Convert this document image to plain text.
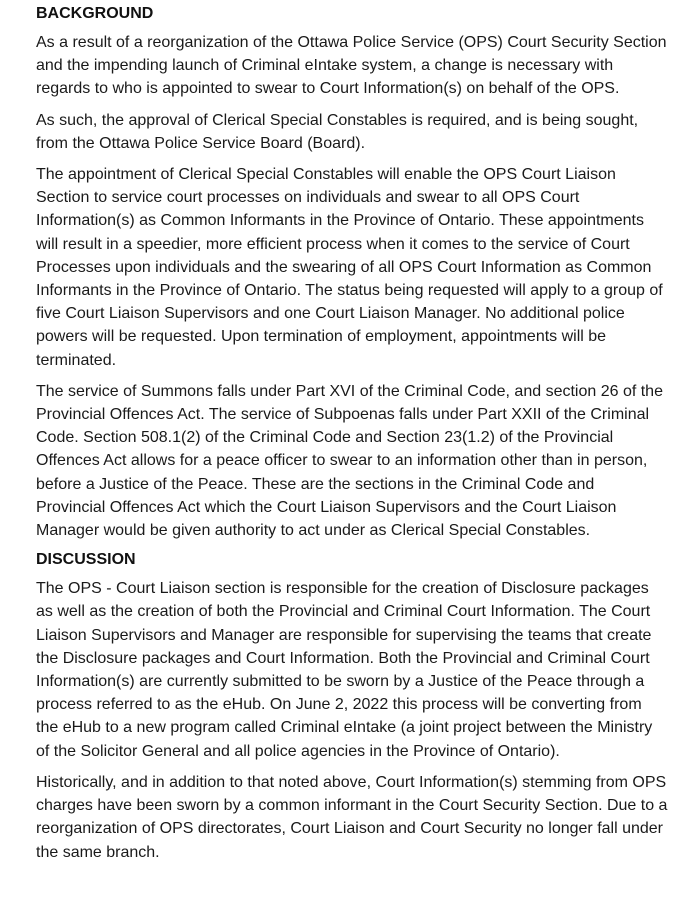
BACKGROUND

As a result of a reorganization of the Ottawa Police Service (OPS) Court Security Section and the impending launch of Criminal eIntake system, a change is necessary with regards to who is appointed to swear to Court Information(s) on behalf of the OPS.

As such, the approval of Clerical Special Constables is required, and is being sought, from the Ottawa Police Service Board (Board).

The appointment of Clerical Special Constables will enable the OPS Court Liaison Section to service court processes on individuals and swear to all OPS Court Information(s) as Common Informants in the Province of Ontario. These appointments will result in a speedier, more efficient process when it comes to the service of Court Processes upon individuals and the swearing of all OPS Court Information as Common Informants in the Province of Ontario. The status being requested will apply to a group of five Court Liaison Supervisors and one Court Liaison Manager. No additional police powers will be requested. Upon termination of employment, appointments will be terminated.

The service of Summons falls under Part XVI of the Criminal Code, and section 26 of the Provincial Offences Act. The service of Subpoenas falls under Part XXII of the Criminal Code. Section 508.1(2) of the Criminal Code and Section 23(1.2) of the Provincial Offences Act allows for a peace officer to swear to an information other than in person, before a Justice of the Peace. These are the sections in the Criminal Code and Provincial Offences Act which the Court Liaison Supervisors and the Court Liaison Manager would be given authority to act under as Clerical Special Constables.

DISCUSSION

The OPS - Court Liaison section is responsible for the creation of Disclosure packages as well as the creation of both the Provincial and Criminal Court Information. The Court Liaison Supervisors and Manager are responsible for supervising the teams that create the Disclosure packages and Court Information. Both the Provincial and Criminal Court Information(s) are currently submitted to be sworn by a Justice of the Peace through a process referred to as the eHub. On June 2, 2022 this process will be converting from the eHub to a new program called Criminal eIntake (a joint project between the Ministry of the Solicitor General and all police agencies in the Province of Ontario).

Historically, and in addition to that noted above, Court Information(s) stemming from OPS charges have been sworn by a common informant in the Court Security Section. Due to a reorganization of OPS directorates, Court Liaison and Court Security no longer fall under the same branch.
